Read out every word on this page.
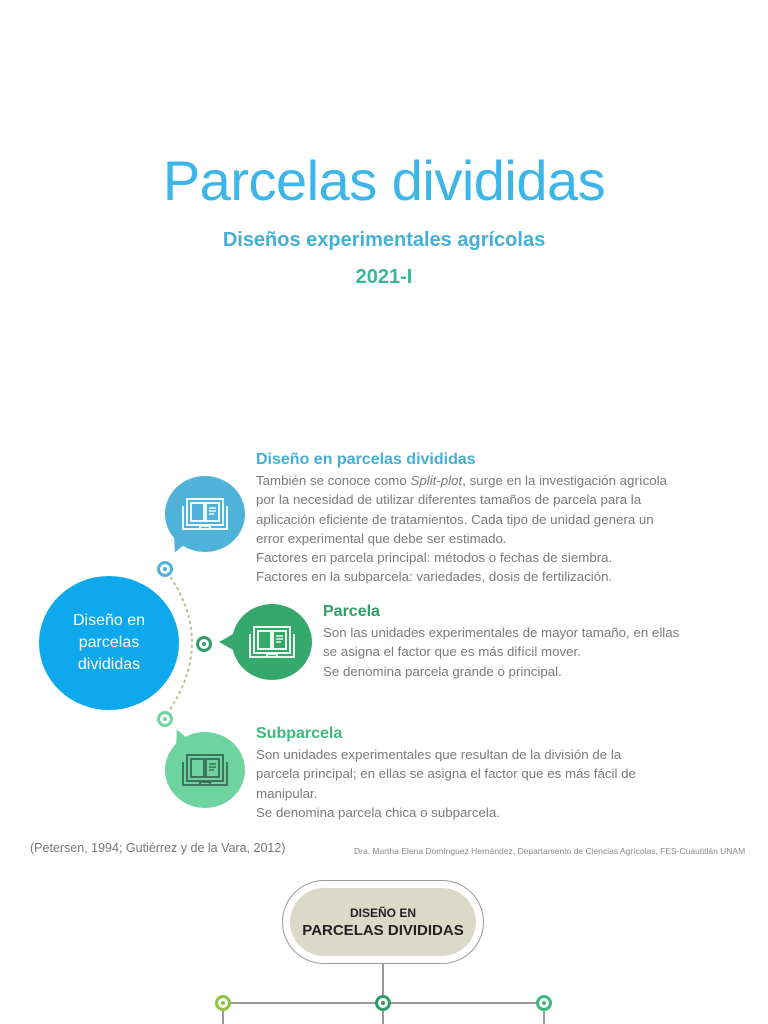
Parcelas divididas
Diseños experimentales agrícolas
2021-I
Diseño en parcelas divididas
Diseño en parcelas divididas

También se conoce como Split-plot, surge en la investigación agrícola

por la necesidad de utilizar diferentes tamaños de parcela para la

aplicación eficiente de tratamientos. Cada tipo de unidad genera un

error experimental que debe ser estimado.

Factores en parcela principal: métodos o fechas de siembra.

Factores en la subparcela: variedades, dosis de fertilización.

Parcela

Son las unidades experimentales de mayor tamaño, en ellas

se asigna el factor que es más difícil mover.

Se denomina parcela grande o principal.

Subparcela

Son unidades experimentales que resultan de la división de la

parcela principal; en ellas se asigna el factor que es más fácil de

manipular.

Se denomina parcela chica o subparcela.

(Petersen, 1994; Gutiérrez y de la Vara, 2012)	Dra. Martha Elena Domínguez Hernández, Departamento de Ciencias Agrícolas, FES-Cuautitlán UNAM
DISEÑO EN
PARCELAS DIVIDIDAS
